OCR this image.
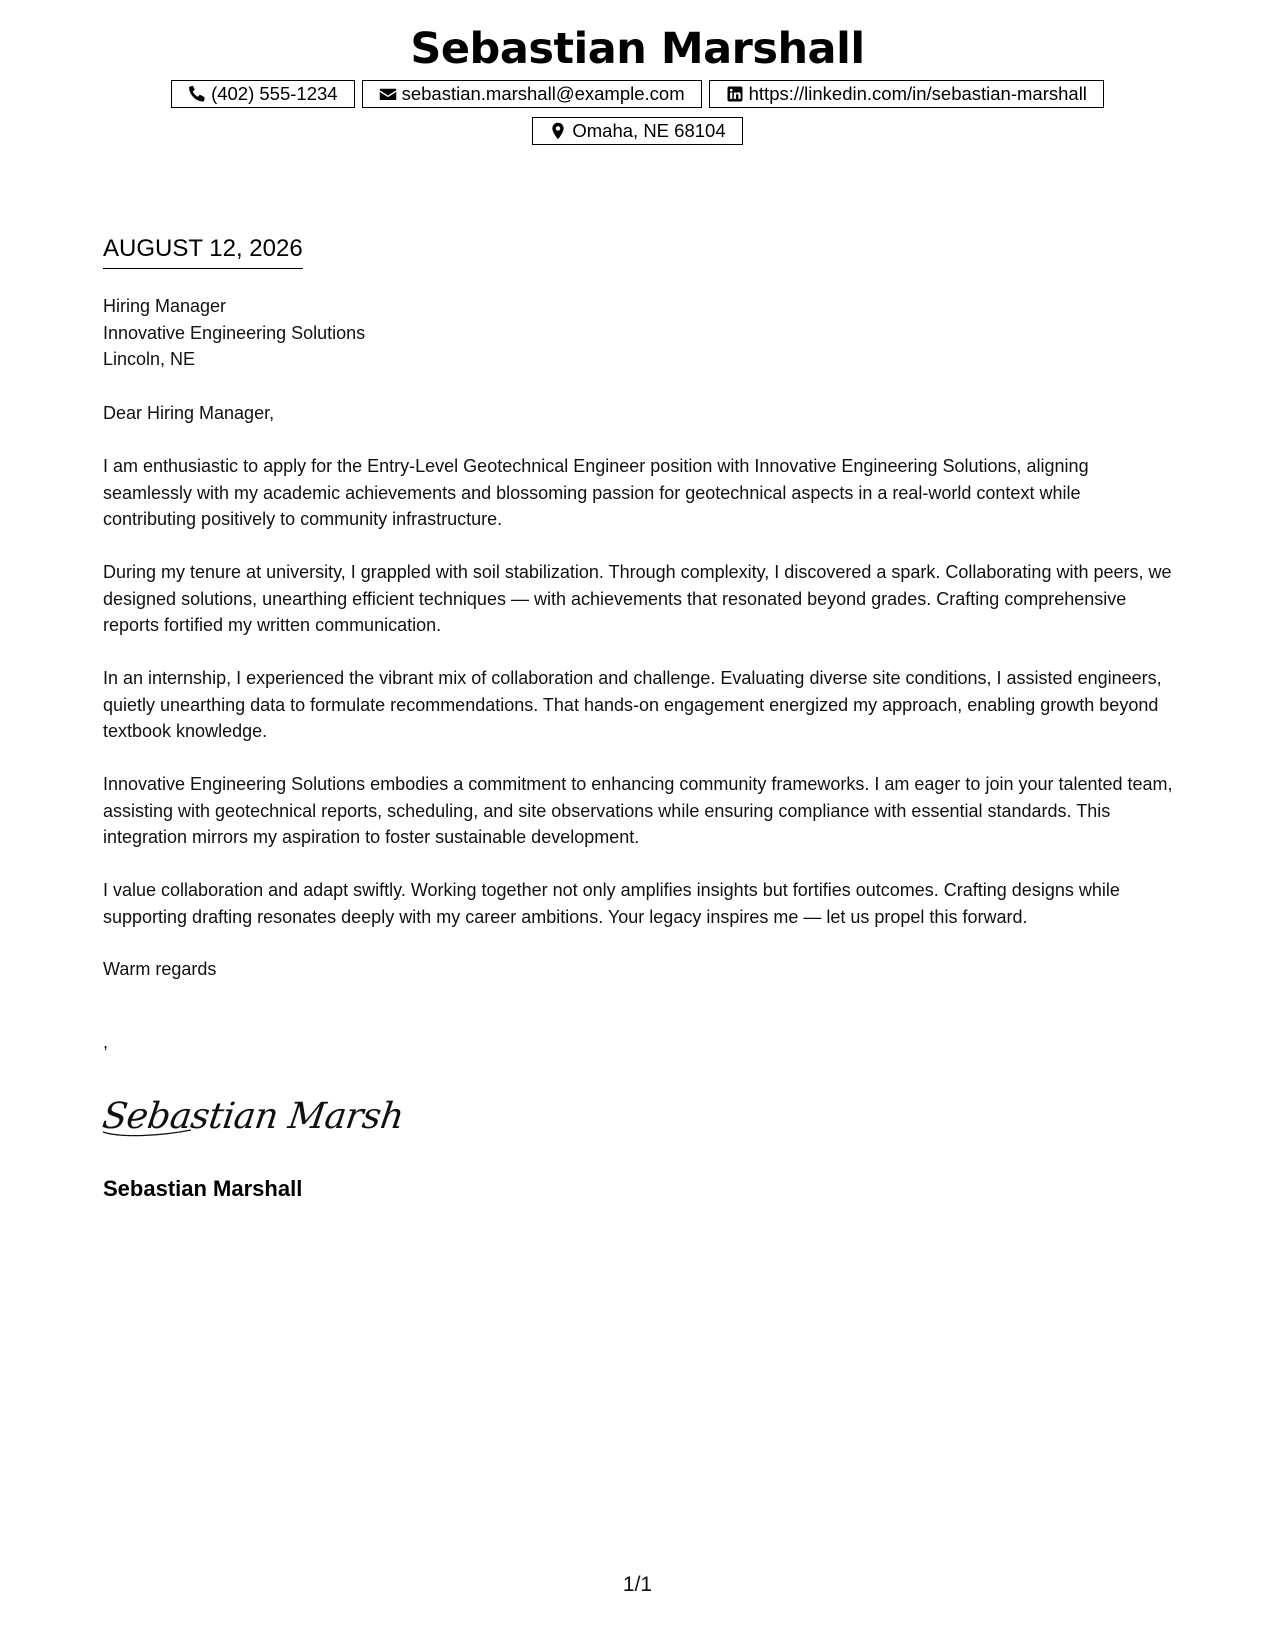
Sebastian Marshall
(402) 555-1234	sebastian.marshall@example.com	https://linkedin.com/in/sebastian-marshall
Omaha, NE 68104
AUGUST 12, 2026
Hiring Manager
Innovative Engineering Solutions
Lincoln, NE

Dear Hiring Manager,

I am enthusiastic to apply for the Entry-Level Geotechnical Engineer position with Innovative Engineering Solutions, aligning seamlessly with my academic achievements and blossoming passion for geotechnical aspects in a real-world context while contributing positively to community infrastructure.

During my tenure at university, I grappled with soil stabilization. Through complexity, I discovered a spark. Collaborating with peers, we designed solutions, unearthing efficient techniques — with achievements that resonated beyond grades. Crafting comprehensive reports fortified my written communication.

In an internship, I experienced the vibrant mix of collaboration and challenge. Evaluating diverse site conditions, I assisted engineers, quietly unearthing data to formulate recommendations. That hands-on engagement energized my approach, enabling growth beyond textbook knowledge.

Innovative Engineering Solutions embodies a commitment to enhancing community frameworks. I am eager to join your talented team, assisting with geotechnical reports, scheduling, and site observations while ensuring compliance with essential standards. This integration mirrors my aspiration to foster sustainable development.

I value collaboration and adapt swiftly. Working together not only amplifies insights but fortifies outcomes. Crafting designs while supporting drafting resonates deeply with my career ambitions. Your legacy inspires me — let us propel this forward.

Warm regards

,
Sebastian Marsh
Sebastian Marshall
1/1
